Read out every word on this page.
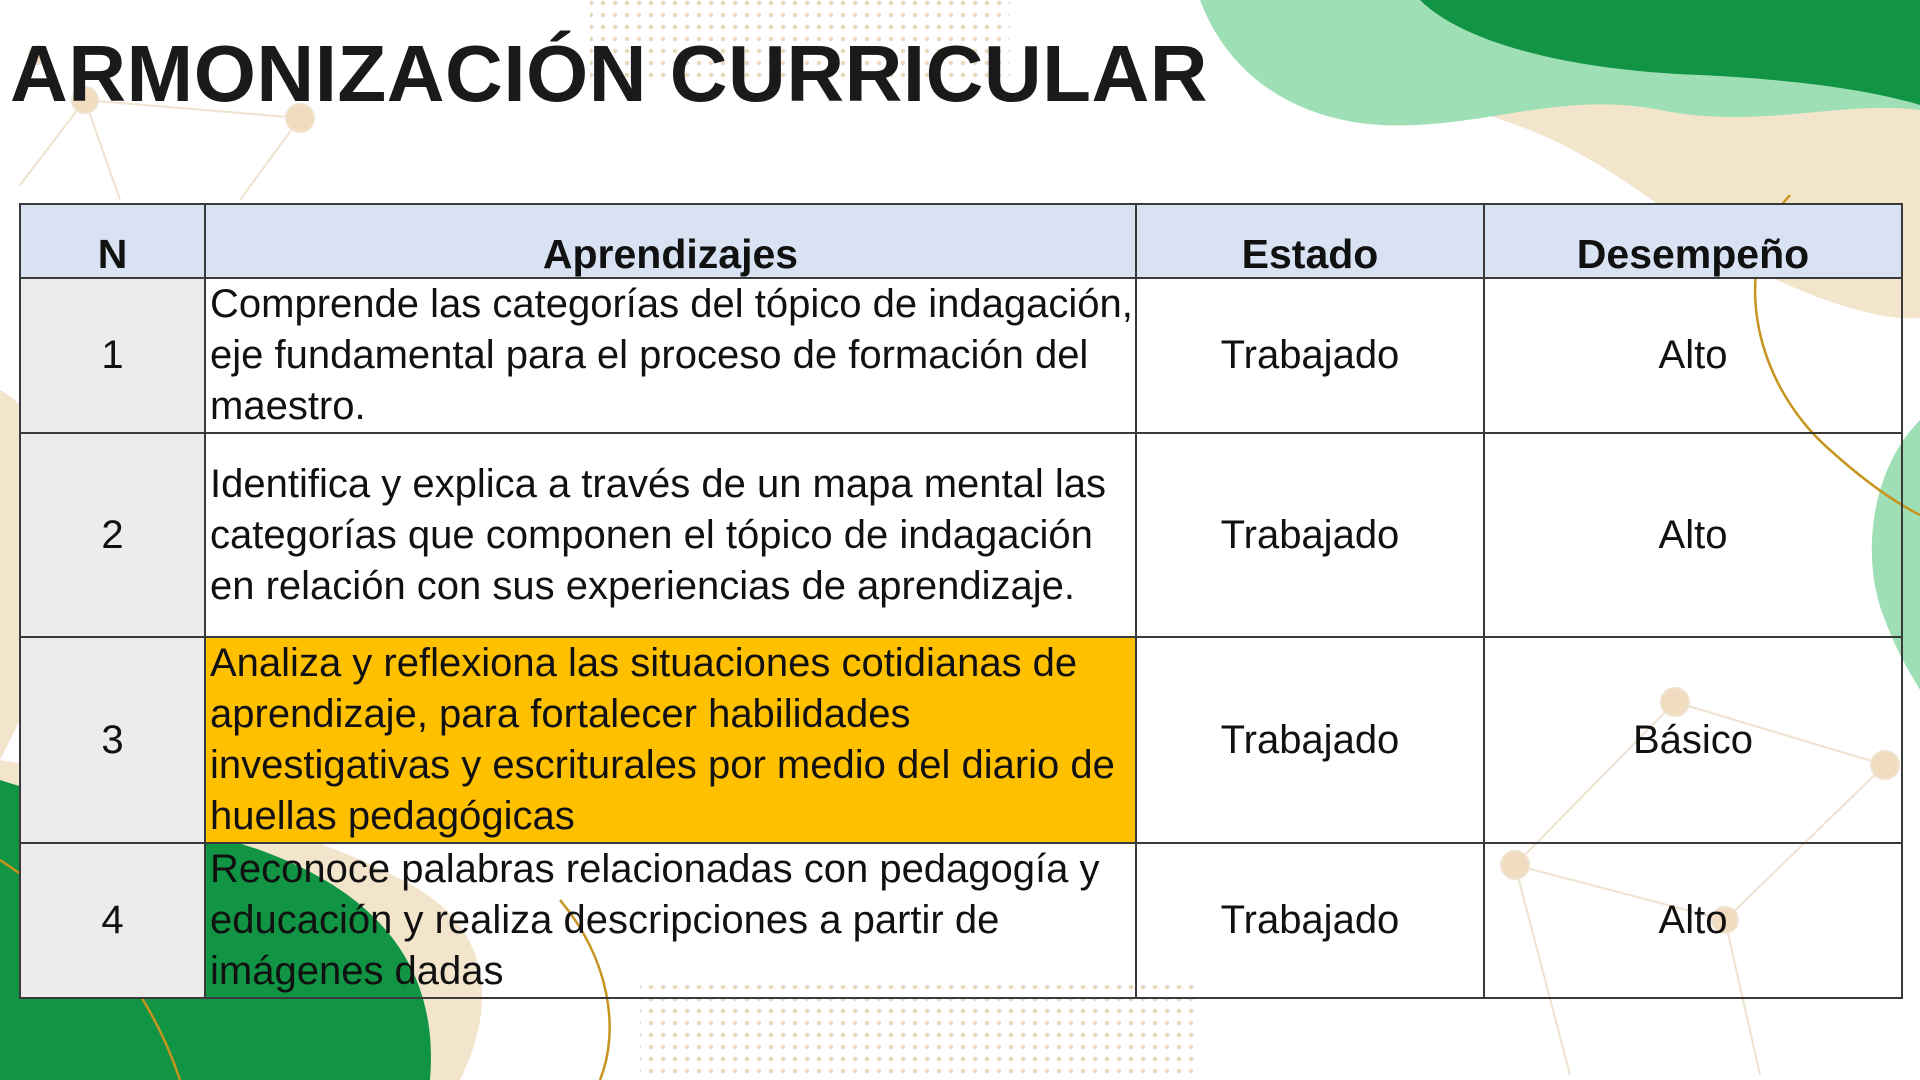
ARMONIZACIÓN CURRICULAR
N	Aprendizajes	Estado	Desempeño
1	Comprende las categorías del tópico de indagación, eje fundamental para el proceso de formación del maestro.	Trabajado	Alto
2	Identifica y explica a través de un mapa mental las categorías que componen el tópico de indagación en relación con sus experiencias de aprendizaje.	Trabajado	Alto
3	Analiza y reflexiona las situaciones cotidianas de aprendizaje, para fortalecer habilidades investigativas y escriturales por medio del diario de huellas pedagógicas	Trabajado	Básico
4	Reconoce palabras relacionadas con pedagogía y educación y realiza descripciones a partir de imágenes dadas	Trabajado	Alto
